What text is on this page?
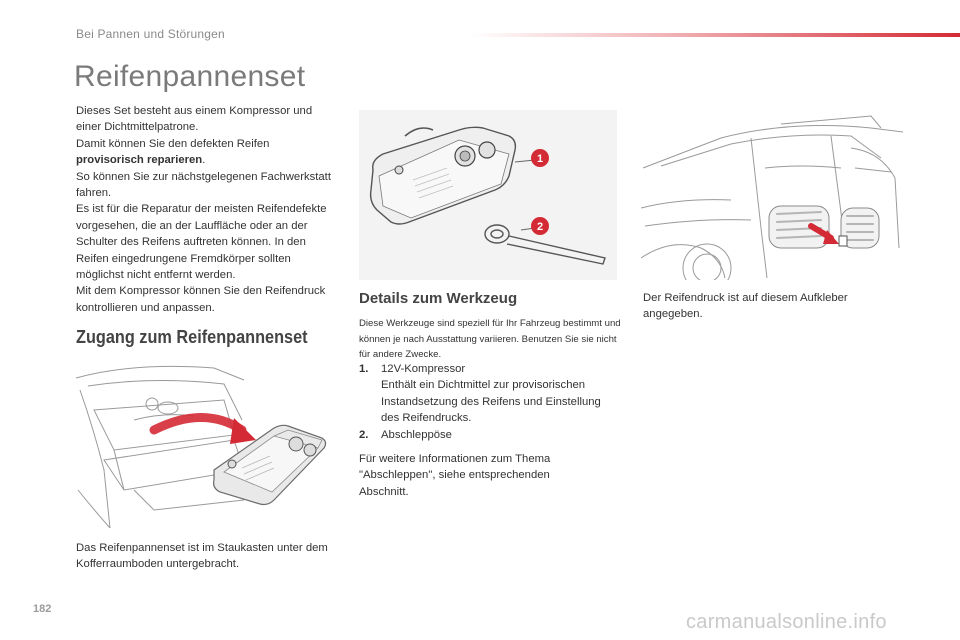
Bei Pannen und Störungen
Reifenpannenset

Dieses Set besteht aus einem Kompressor und einer Dichtmittelpatrone.

Damit können Sie den defekten Reifen provisorisch reparieren.

So können Sie zur nächstgelegenen Fachwerkstatt fahren.

Es ist für die Reparatur der meisten Reifendefekte vorgesehen, die an der Lauffläche oder an der Schulter des Reifens auftreten können. In den Reifen eingedrungene Fremdkörper sollten möglichst nicht entfernt werden.

Mit dem Kompressor können Sie den Reifendruck kontrollieren und anpassen.

Zugang zum Reifenpannenset
Das Reifenpannenset ist im Staukasten unter dem Kofferraumboden untergebracht.
1
2
Details zum Werkzeug
Diese Werkzeuge sind speziell für Ihr Fahrzeug bestimmt und können je nach Ausstattung variieren. Benutzen Sie sie nicht für andere Zwecke.
1.	12V-Kompressor
Enthält ein Dichtmittel zur provisorischen Instandsetzung des Reifens und Einstellung des Reifendrucks.
2.	Abschleppöse
Für weitere Informationen zum Thema "Abschleppen", siehe entsprechenden Abschnitt.
Der Reifendruck ist auf diesem Aufkleber angegeben.
182
carmanualsonline.info
